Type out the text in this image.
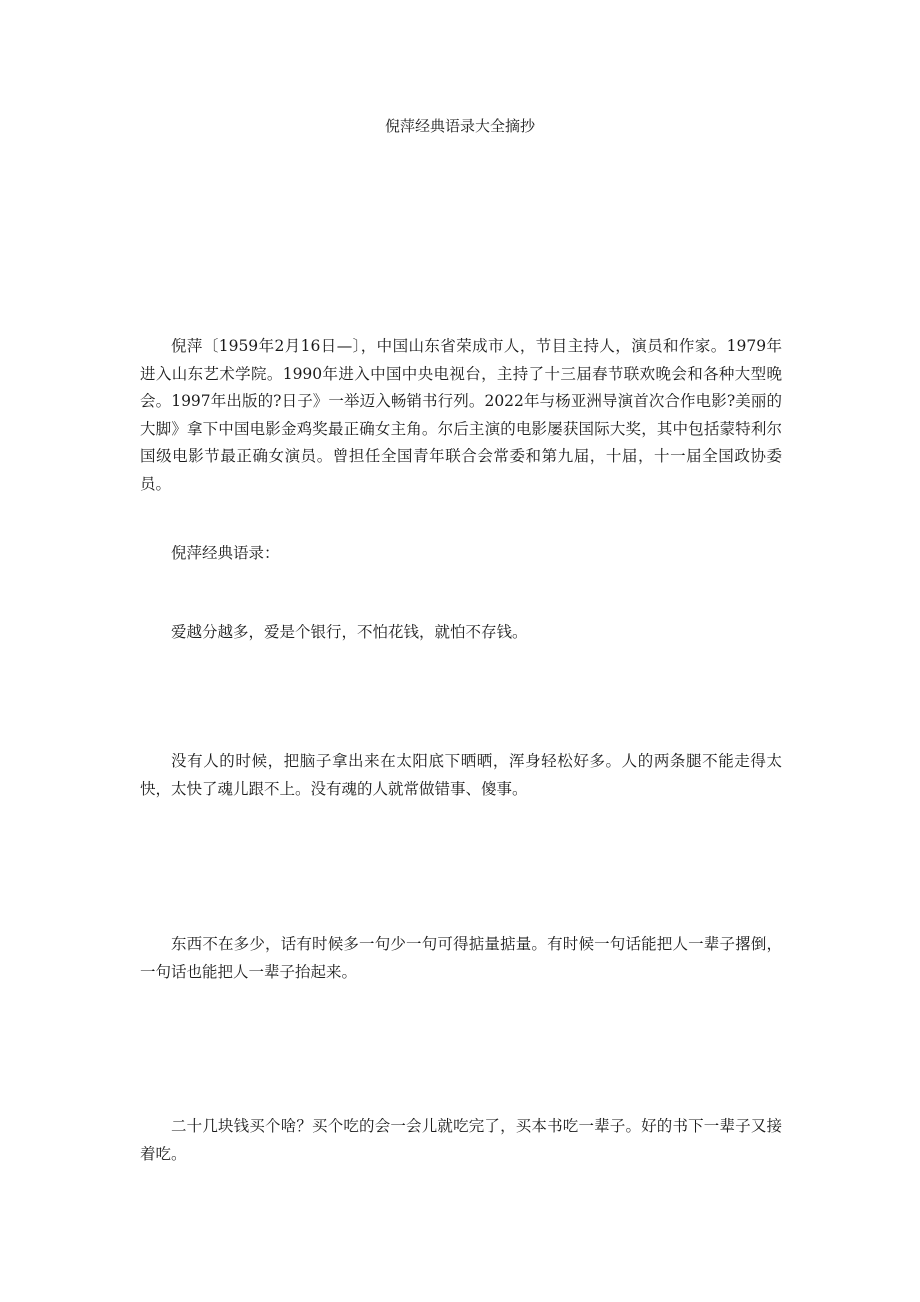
倪萍经典语录大全摘抄

倪萍〔1959年2月16日—〕，中国山东省荣成市人，节目主持人，演员和作家。1979年进入山东艺术学院。1990年进入中国中央电视台，主持了十三届春节联欢晚会和各种大型晚会。1997年出版的?日子》一举迈入畅销书行列。2022年与杨亚洲导演首次合作电影?美丽的大脚》拿下中国电影金鸡奖最正确女主角。尔后主演的电影屡获国际大奖，其中包括蒙特利尔国级电影节最正确女演员。曾担任全国青年联合会常委和第九届，十届，十一届全国政协委员。

倪萍经典语录：

爱越分越多，爱是个银行，不怕花钱，就怕不存钱。

没有人的时候，把脑子拿出来在太阳底下晒晒，浑身轻松好多。人的两条腿不能走得太快，太快了魂儿跟不上。没有魂的人就常做错事、傻事。

东西不在多少，话有时候多一句少一句可得掂量掂量。有时候一句话能把人一辈子撂倒，一句话也能把人一辈子抬起来。

二十几块钱买个啥？买个吃的会一会儿就吃完了，买本书吃一辈子。好的书下一辈子又接着吃。
